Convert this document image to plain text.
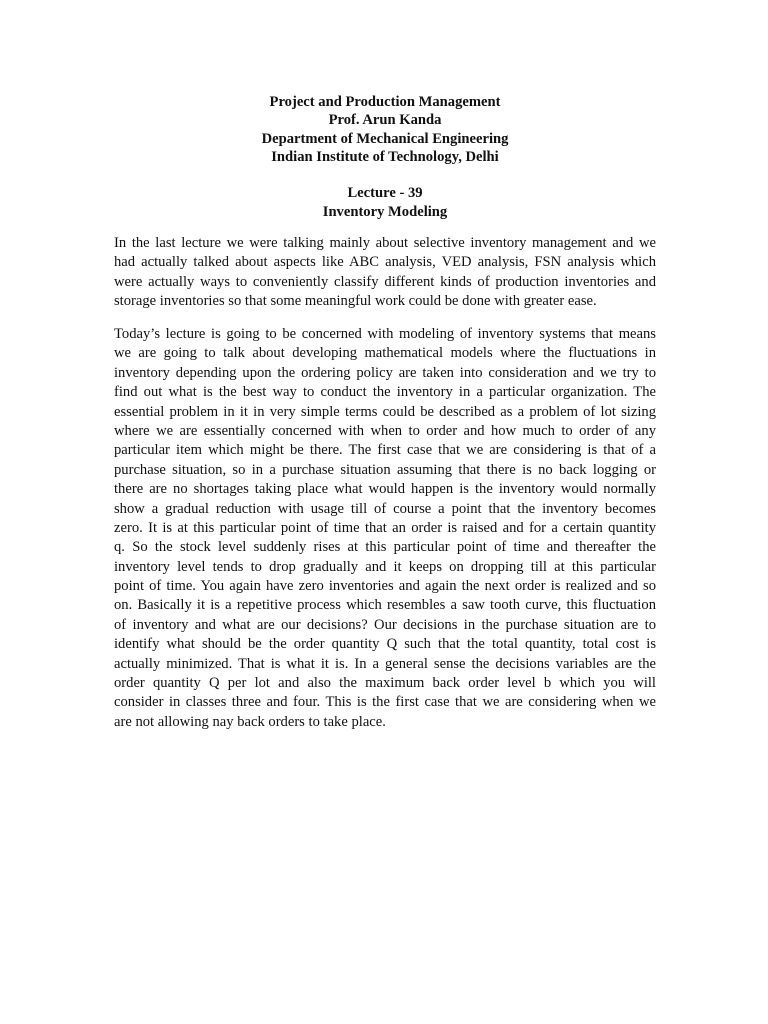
Project and Production Management
Prof. Arun Kanda
Department of Mechanical Engineering
Indian Institute of Technology, Delhi
Lecture - 39
Inventory Modeling
In the last lecture we were talking mainly about selective inventory management and we
had actually talked about aspects like ABC analysis, VED analysis, FSN analysis which
were actually ways to conveniently classify different kinds of production inventories and
storage inventories so that some meaningful work could be done with greater ease.
Today’s lecture is going to be concerned with modeling of inventory systems that means
we are going to talk about developing mathematical models where the fluctuations in
inventory depending upon the ordering policy are taken into consideration and we try to
find out what is the best way to conduct the inventory in a particular organization. The
essential problem in it in very simple terms could be described as a problem of lot sizing
where we are essentially concerned with when to order and how much to order of any
particular item which might be there. The first case that we are considering is that of a
purchase situation, so in a purchase situation assuming that there is no back logging or
there are no shortages taking place what would happen is the inventory would normally
show a gradual reduction with usage till of course a point that the inventory becomes
zero. It is at this particular point of time that an order is raised and for a certain quantity
q. So the stock level suddenly rises at this particular point of time and thereafter the
inventory level tends to drop gradually and it keeps on dropping till at this particular
point of time. You again have zero inventories and again the next order is realized and so
on. Basically it is a repetitive process which resembles a saw tooth curve, this fluctuation
of inventory and what are our decisions? Our decisions in the purchase situation are to
identify what should be the order quantity Q such that the total quantity, total cost is
actually minimized. That is what it is. In a general sense the decisions variables are the
order quantity Q per lot and also the maximum back order level b which you will
consider in classes three and four. This is the first case that we are considering when we
are not allowing nay back orders to take place.
